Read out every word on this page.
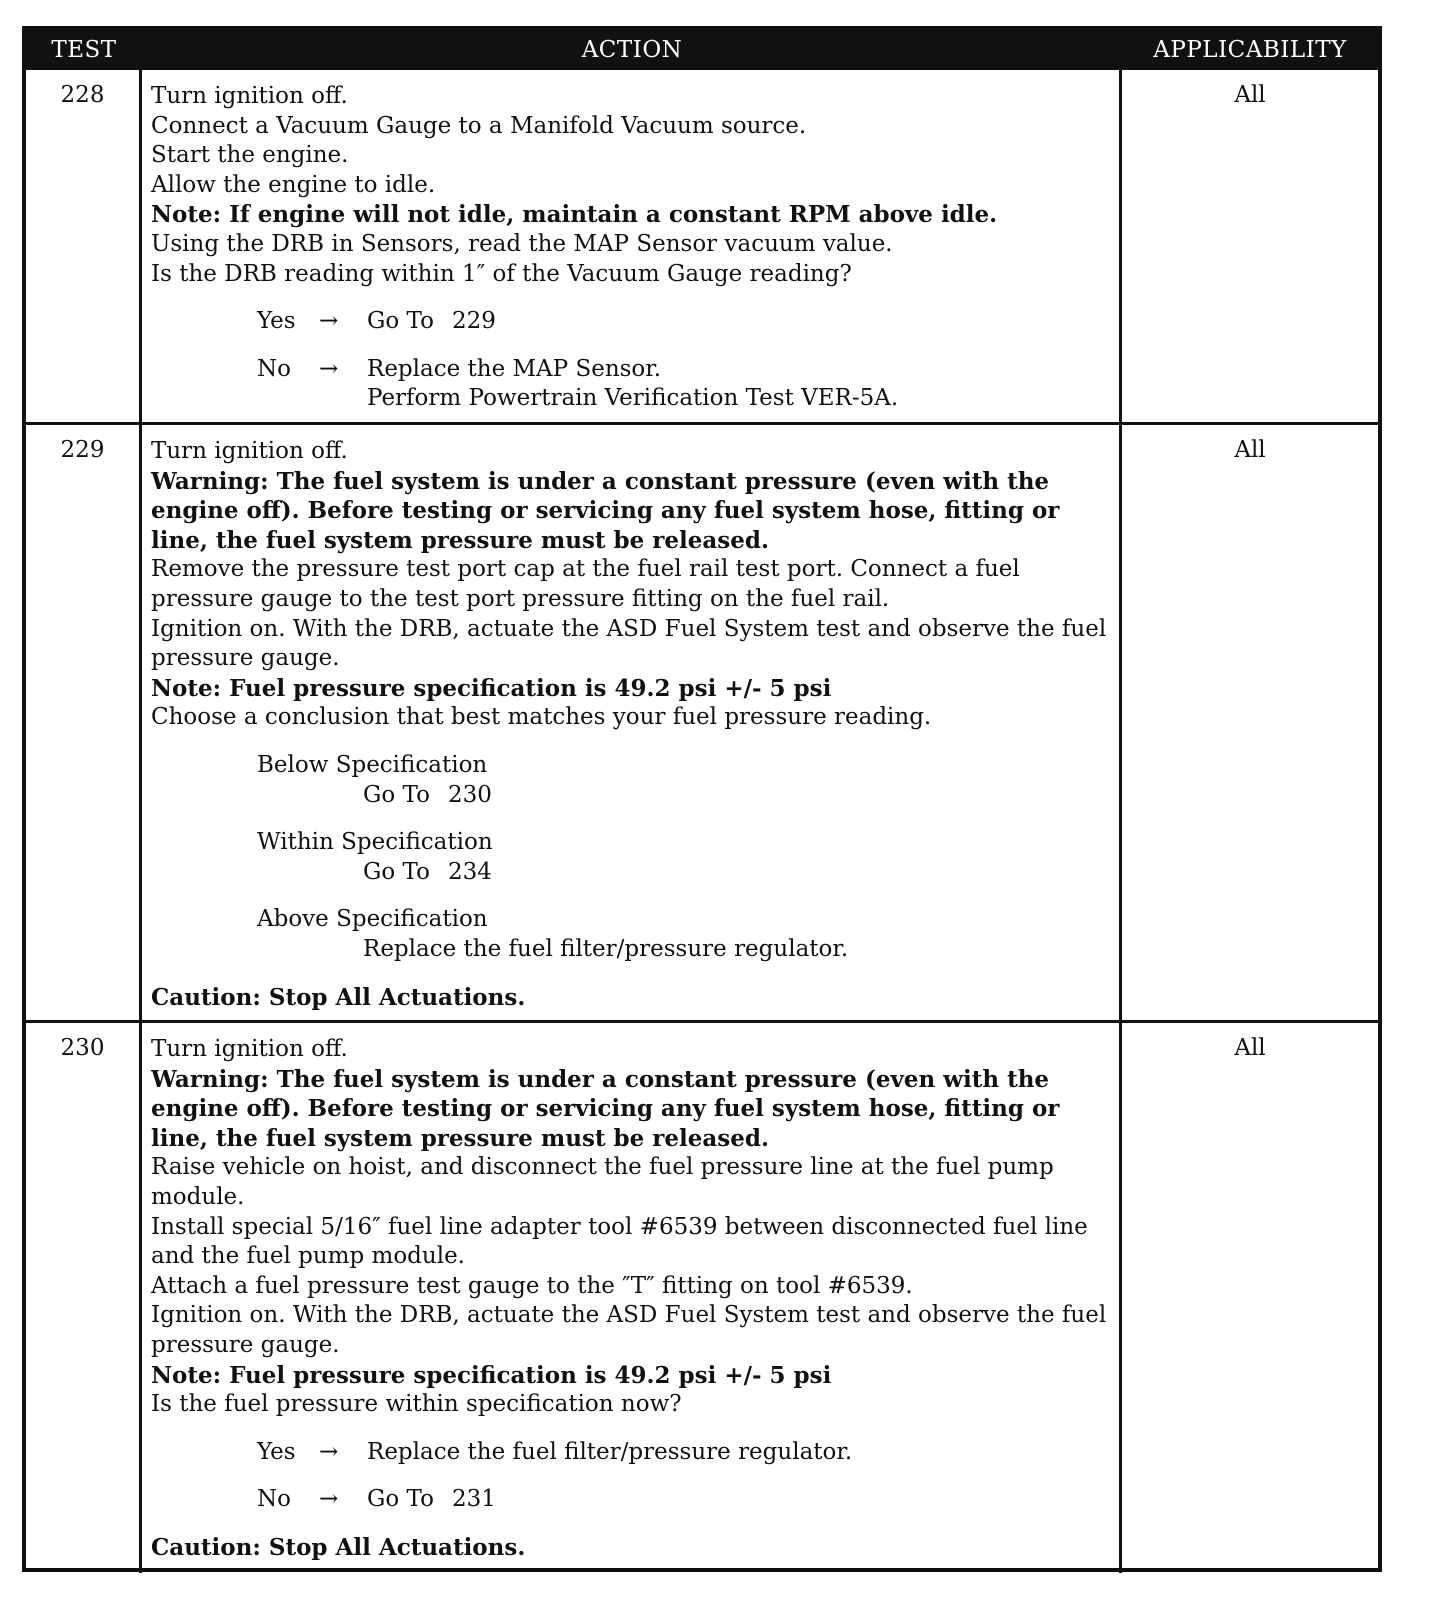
TEST	ACTION	APPLICABILITY
228	Turn ignition off.
Connect a Vacuum Gauge to a Manifold Vacuum source.
Start the engine.
Allow the engine to idle.
Note: If engine will not idle, maintain a constant RPM above idle.
Using the DRB in Sensors, read the MAP Sensor vacuum value.
Is the DRB reading within 1″ of the Vacuum Gauge reading?
Yes	→	Go To 229
No	→	Replace the MAP Sensor.
Perform Powertrain Verification Test VER-5A.
All
229	Turn ignition off.
Warning: The fuel system is under a constant pressure (even with the engine off). Before testing or servicing any fuel system hose, fitting or line, the fuel system pressure must be released.
Remove the pressure test port cap at the fuel rail test port. Connect a fuel pressure gauge to the test port pressure fitting on the fuel rail.
Ignition on. With the DRB, actuate the ASD Fuel System test and observe the fuel pressure gauge.
Note: Fuel pressure specification is 49.2 psi +/- 5 psi
Choose a conclusion that best matches your fuel pressure reading.
Below Specification
Go To 230
Within Specification
Go To 234
Above Specification
Replace the fuel filter/pressure regulator.
Caution: Stop All Actuations.
All
230	Turn ignition off.
Warning: The fuel system is under a constant pressure (even with the engine off). Before testing or servicing any fuel system hose, fitting or line, the fuel system pressure must be released.
Raise vehicle on hoist, and disconnect the fuel pressure line at the fuel pump module.
Install special 5/16″ fuel line adapter tool #6539 between disconnected fuel line and the fuel pump module.
Attach a fuel pressure test gauge to the ″T″ fitting on tool #6539.
Ignition on. With the DRB, actuate the ASD Fuel System test and observe the fuel pressure gauge.
Note: Fuel pressure specification is 49.2 psi +/- 5 psi
Is the fuel pressure within specification now?
Yes	→	Replace the fuel filter/pressure regulator.
No	→	Go To 231
Caution: Stop All Actuations.
All
